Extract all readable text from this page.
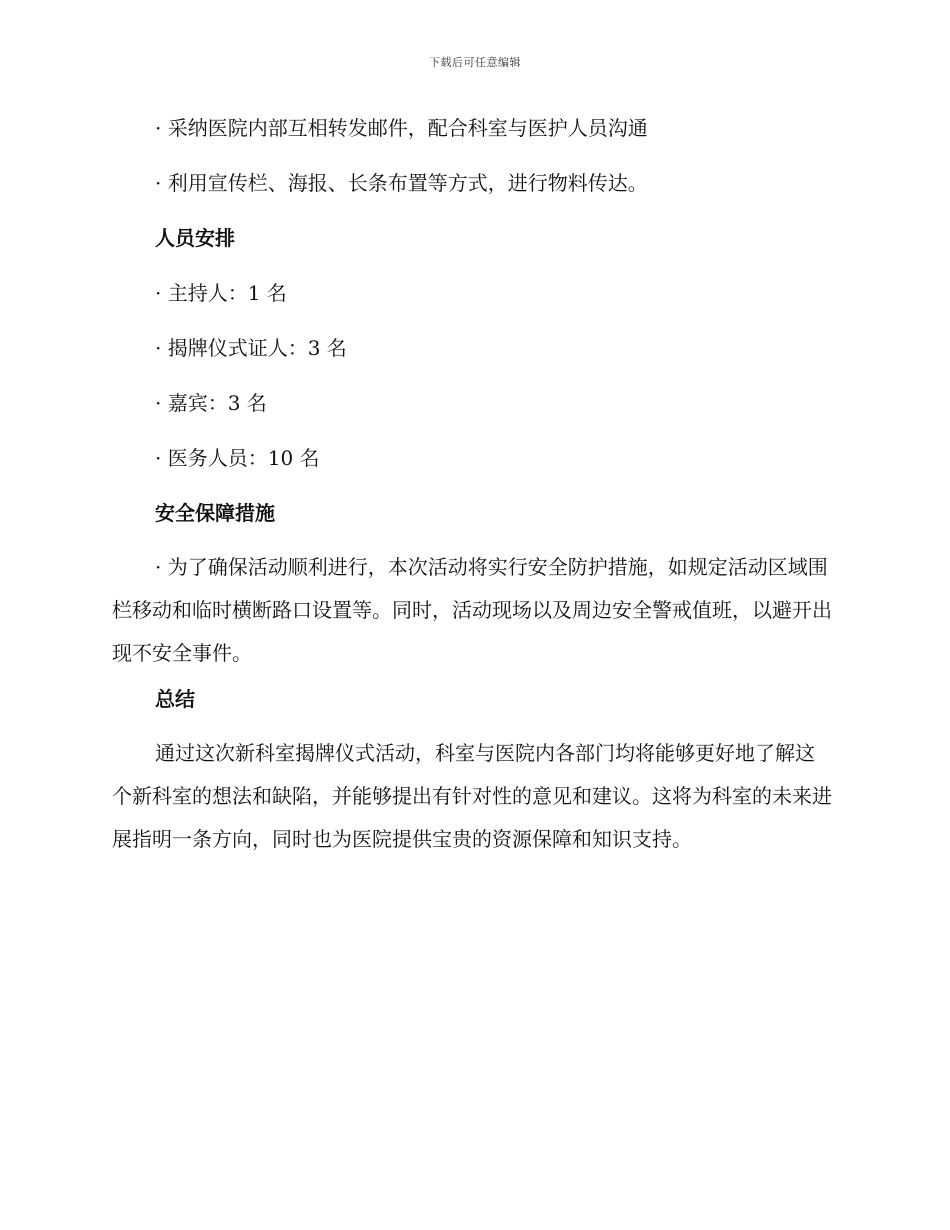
下载后可任意编辑

· 采纳医院内部互相转发邮件，配合科室与医护人员沟通

· 利用宣传栏、海报、长条布置等方式，进行物料传达。

人员安排

· 主持人：1 名

· 揭牌仪式证人：3 名

· 嘉宾：3 名

· 医务人员：10 名

安全保障措施

· 为了确保活动顺利进行，本次活动将实行安全防护措施，如规定活动区域围栏移动和临时横断路口设置等。同时，活动现场以及周边安全警戒值班，以避开出现不安全事件。

总结

通过这次新科室揭牌仪式活动，科室与医院内各部门均将能够更好地了解这个新科室的想法和缺陷，并能够提出有针对性的意见和建议。这将为科室的未来进展指明一条方向，同时也为医院提供宝贵的资源保障和知识支持。
